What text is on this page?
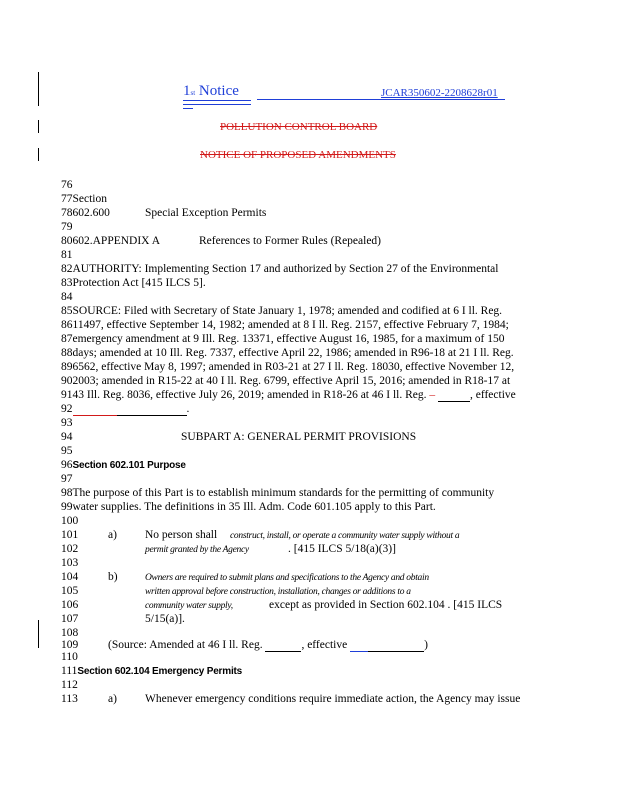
1st Notice	JCAR350602-2208628r01
POLLUTION CONTROL BOARD
NOTICE OF PROPOSED AMENDMENTS
76
77Section
78602.600	Special Exception Permits
79
80602.APPENDIX A	References to Former Rules (Repealed)
81
82AUTHORITY: Implementing Section 17 and authorized by Section 27 of the Environmental
83Protection Act [415 ILCS 5].
84
85SOURCE: Filed with Secretary of State January 1, 1978; amended and codified at 6 I ll. Reg.
8611497, effective September 14, 1982; amended at 8 I ll. Reg. 2157, effective February 7, 1984;
87emergency amendment at 9 Ill. Reg. 13371, effective August 16, 1985, for a maximum of 150
88days; amended at 10 Ill. Reg. 7337, effective April 22, 1986; amended in R96-18 at 21 I ll. Reg.
896562, effective May 8, 1997; amended in R03-21 at 27 I ll. Reg. 18030, effective November 12,
902003; amended in R15-22 at 40 I ll. Reg. 6799, effective April 15, 2016; amended in R18-17 at
9143 Ill. Reg. 8036, effective July 26, 2019; amended in R18-26 at 46 I ll. Reg. –	, effective
92	.
93
94	SUBPART A: GENERAL PERMIT PROVISIONS
95
96Section 602.101 Purpose
97
98The purpose of this Part is to establish minimum standards for the permitting of community
99water supplies. The definitions in 35 Ill. Adm. Code 601.105 apply to this Part.
100
101	a) No person shall construct, install, or operate a community water supply without a
102	permit granted by the Agency	. [415 ILCS 5/18(a)(3)]
103
104	b)	Owners are required to submit plans and specifications to the Agency and obtain
105	written approval before construction, installation, changes or additions to a
106	community water supply,	except as provided in Section 602.104 . [415 ILCS
107	5/15(a)].
108
109	(Source: Amended at 46 I ll. Reg.	, effective	)
110
111Section 602.104 Emergency Permits
112
113	a) Whenever emergency conditions require immediate action, the Agency may issue
